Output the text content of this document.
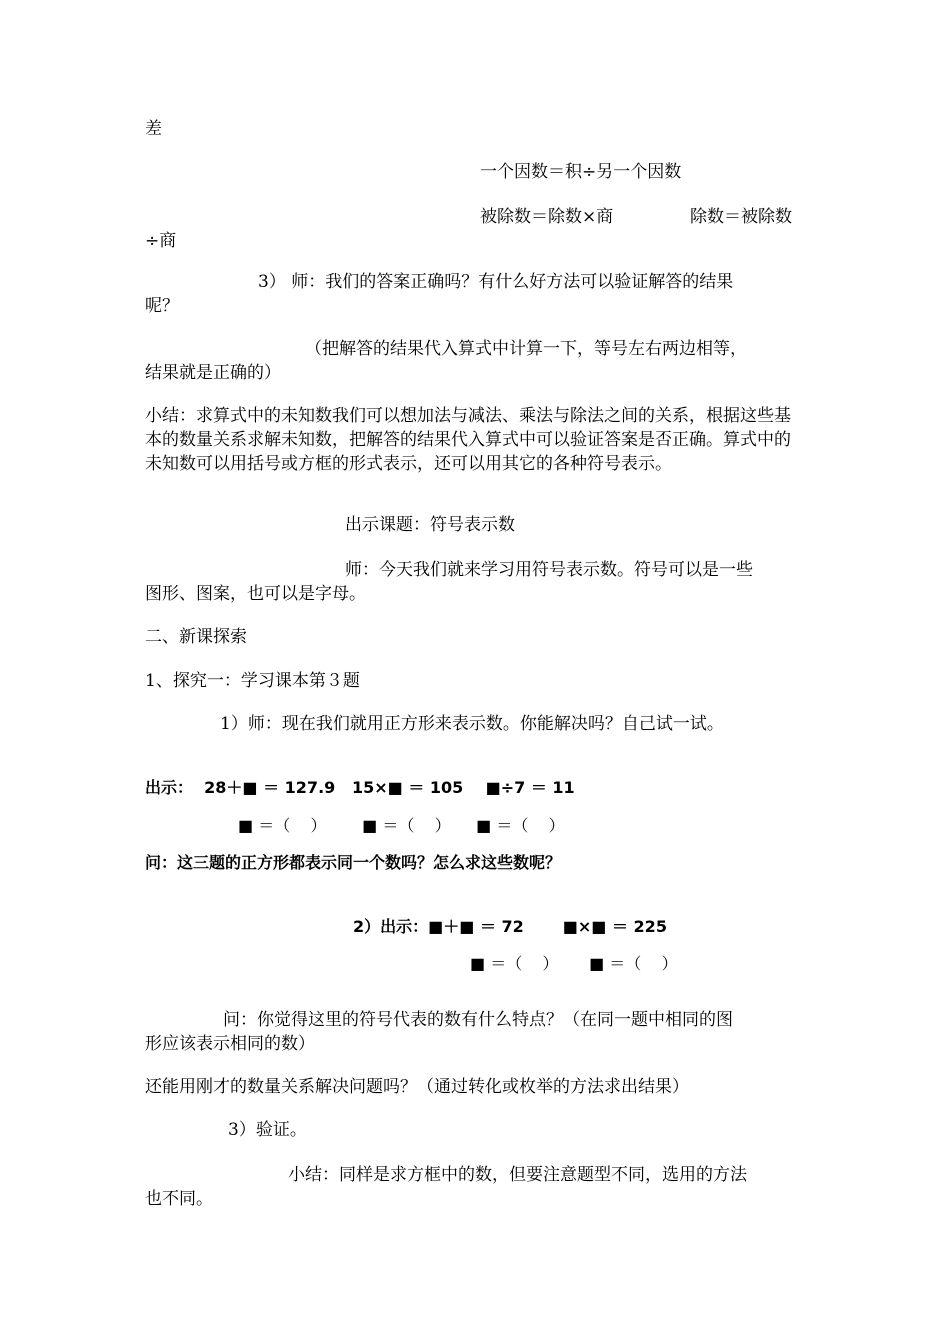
差
一个因数＝积÷另一个因数
被除数＝除数×商	除数＝被除数
÷商
3） 师：我们的答案正确吗？有什么好方法可以验证解答的结果
呢？
（把解答的结果代入算式中计算一下，等号左右两边相等，
结果就是正确的）
小结：求算式中的未知数我们可以想加法与减法、乘法与除法之间的关系，根据这些基本的数量关系求解未知数，把解答的结果代入算式中可以验证答案是否正确。算式中的未知数可以用括号或方框的形式表示，还可以用其它的各种符号表示。
出示课题：符号表示数
师：今天我们就来学习用符号表示数。符号可以是一些
图形、图案，也可以是字母。
二、新课探索
1、探究一：学习课本第３题
1）师：现在我们就用正方形来表示数。你能解决吗？自己试一试。
出示：  28＋■ ＝ 127.9   15×■ ＝ 105    ■÷7 ＝ 11
■ ＝（    ）       ■ ＝（    ）     ■ ＝（    ）
问：这三题的正方形都表示同一个数吗？怎么求这些数呢？
2）出示：■＋■ ＝ 72       ■×■ ＝ 225
■ ＝（    ）      ■ ＝（    ）
问：你觉得这里的符号代表的数有什么特点？（在同一题中相同的图
形应该表示相同的数）
还能用刚才的数量关系解决问题吗？（通过转化或枚举的方法求出结果）
3）验证。
小结：同样是求方框中的数，但要注意题型不同，选用的方法
也不同。
